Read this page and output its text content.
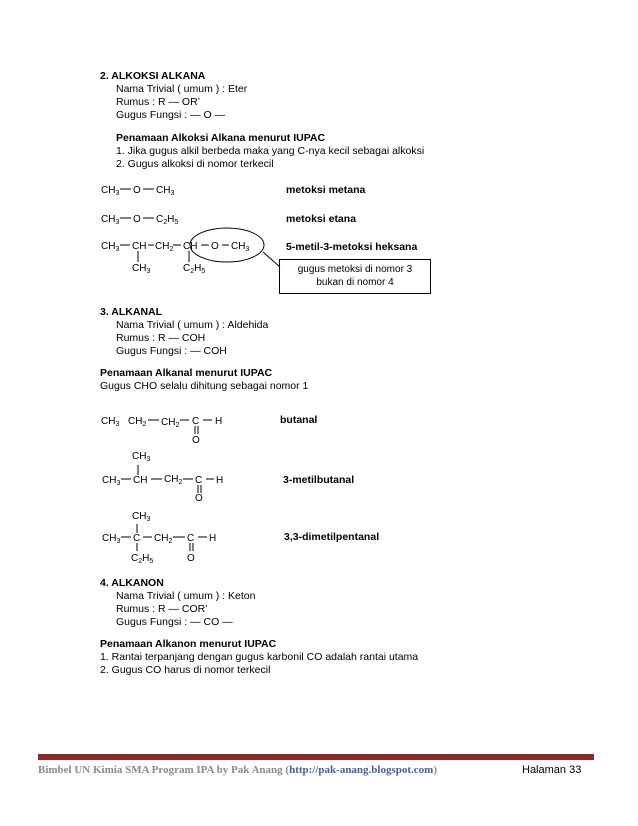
2. ALKOKSI ALKANA
Nama Trivial ( umum ) : Eter
Rumus : R — OR’
Gugus Fungsi : — O —
Penamaan Alkoksi Alkana menurut IUPAC
1. Jika gugus alkil berbeda maka yang C-nya kecil sebagai alkoksi
2. Gugus alkoksi di nomor terkecil
metoksi metana
metoksi etana
5-metil-3-metoksi heksana
gugus metoksi di nomor 3
bukan di nomor 4
3. ALKANAL
Nama Trivial ( umum ) : Aldehida
Rumus : R — COH
Gugus Fungsi : — COH
Penamaan Alkanal menurut IUPAC
Gugus CHO selalu dihitung sebagai nomor 1
butanal
3-metilbutanal
3,3-dimetilpentanal
4. ALKANON
Nama Trivial ( umum ) : Keton
Rumus : R — COR’
Gugus Fungsi : — CO —
Penamaan Alkanon menurut IUPAC
1. Rantai terpanjang dengan gugus karbonil CO adalah rantai utama
2. Gugus CO harus di nomor terkecil
$CH_3$ O $CH_3$
$CH_3$ O $C_2H_5$
$CH_3$ CH $CH_2$ CH O $CH_3$
$CH_3$	$C_2H_5$
$CH_3$ $CH_2$ $CH_2$ C H
O
$CH_3$
$CH_3$ CH $CH_2$ C H
O
$CH_3$
$CH_3$ C $CH_2$ C H
$C_2H_5$	O
Bimbel UN Kimia SMA Program IPA by Pak Anang (http://pak-anang.blogspot.com)	Halaman 33
